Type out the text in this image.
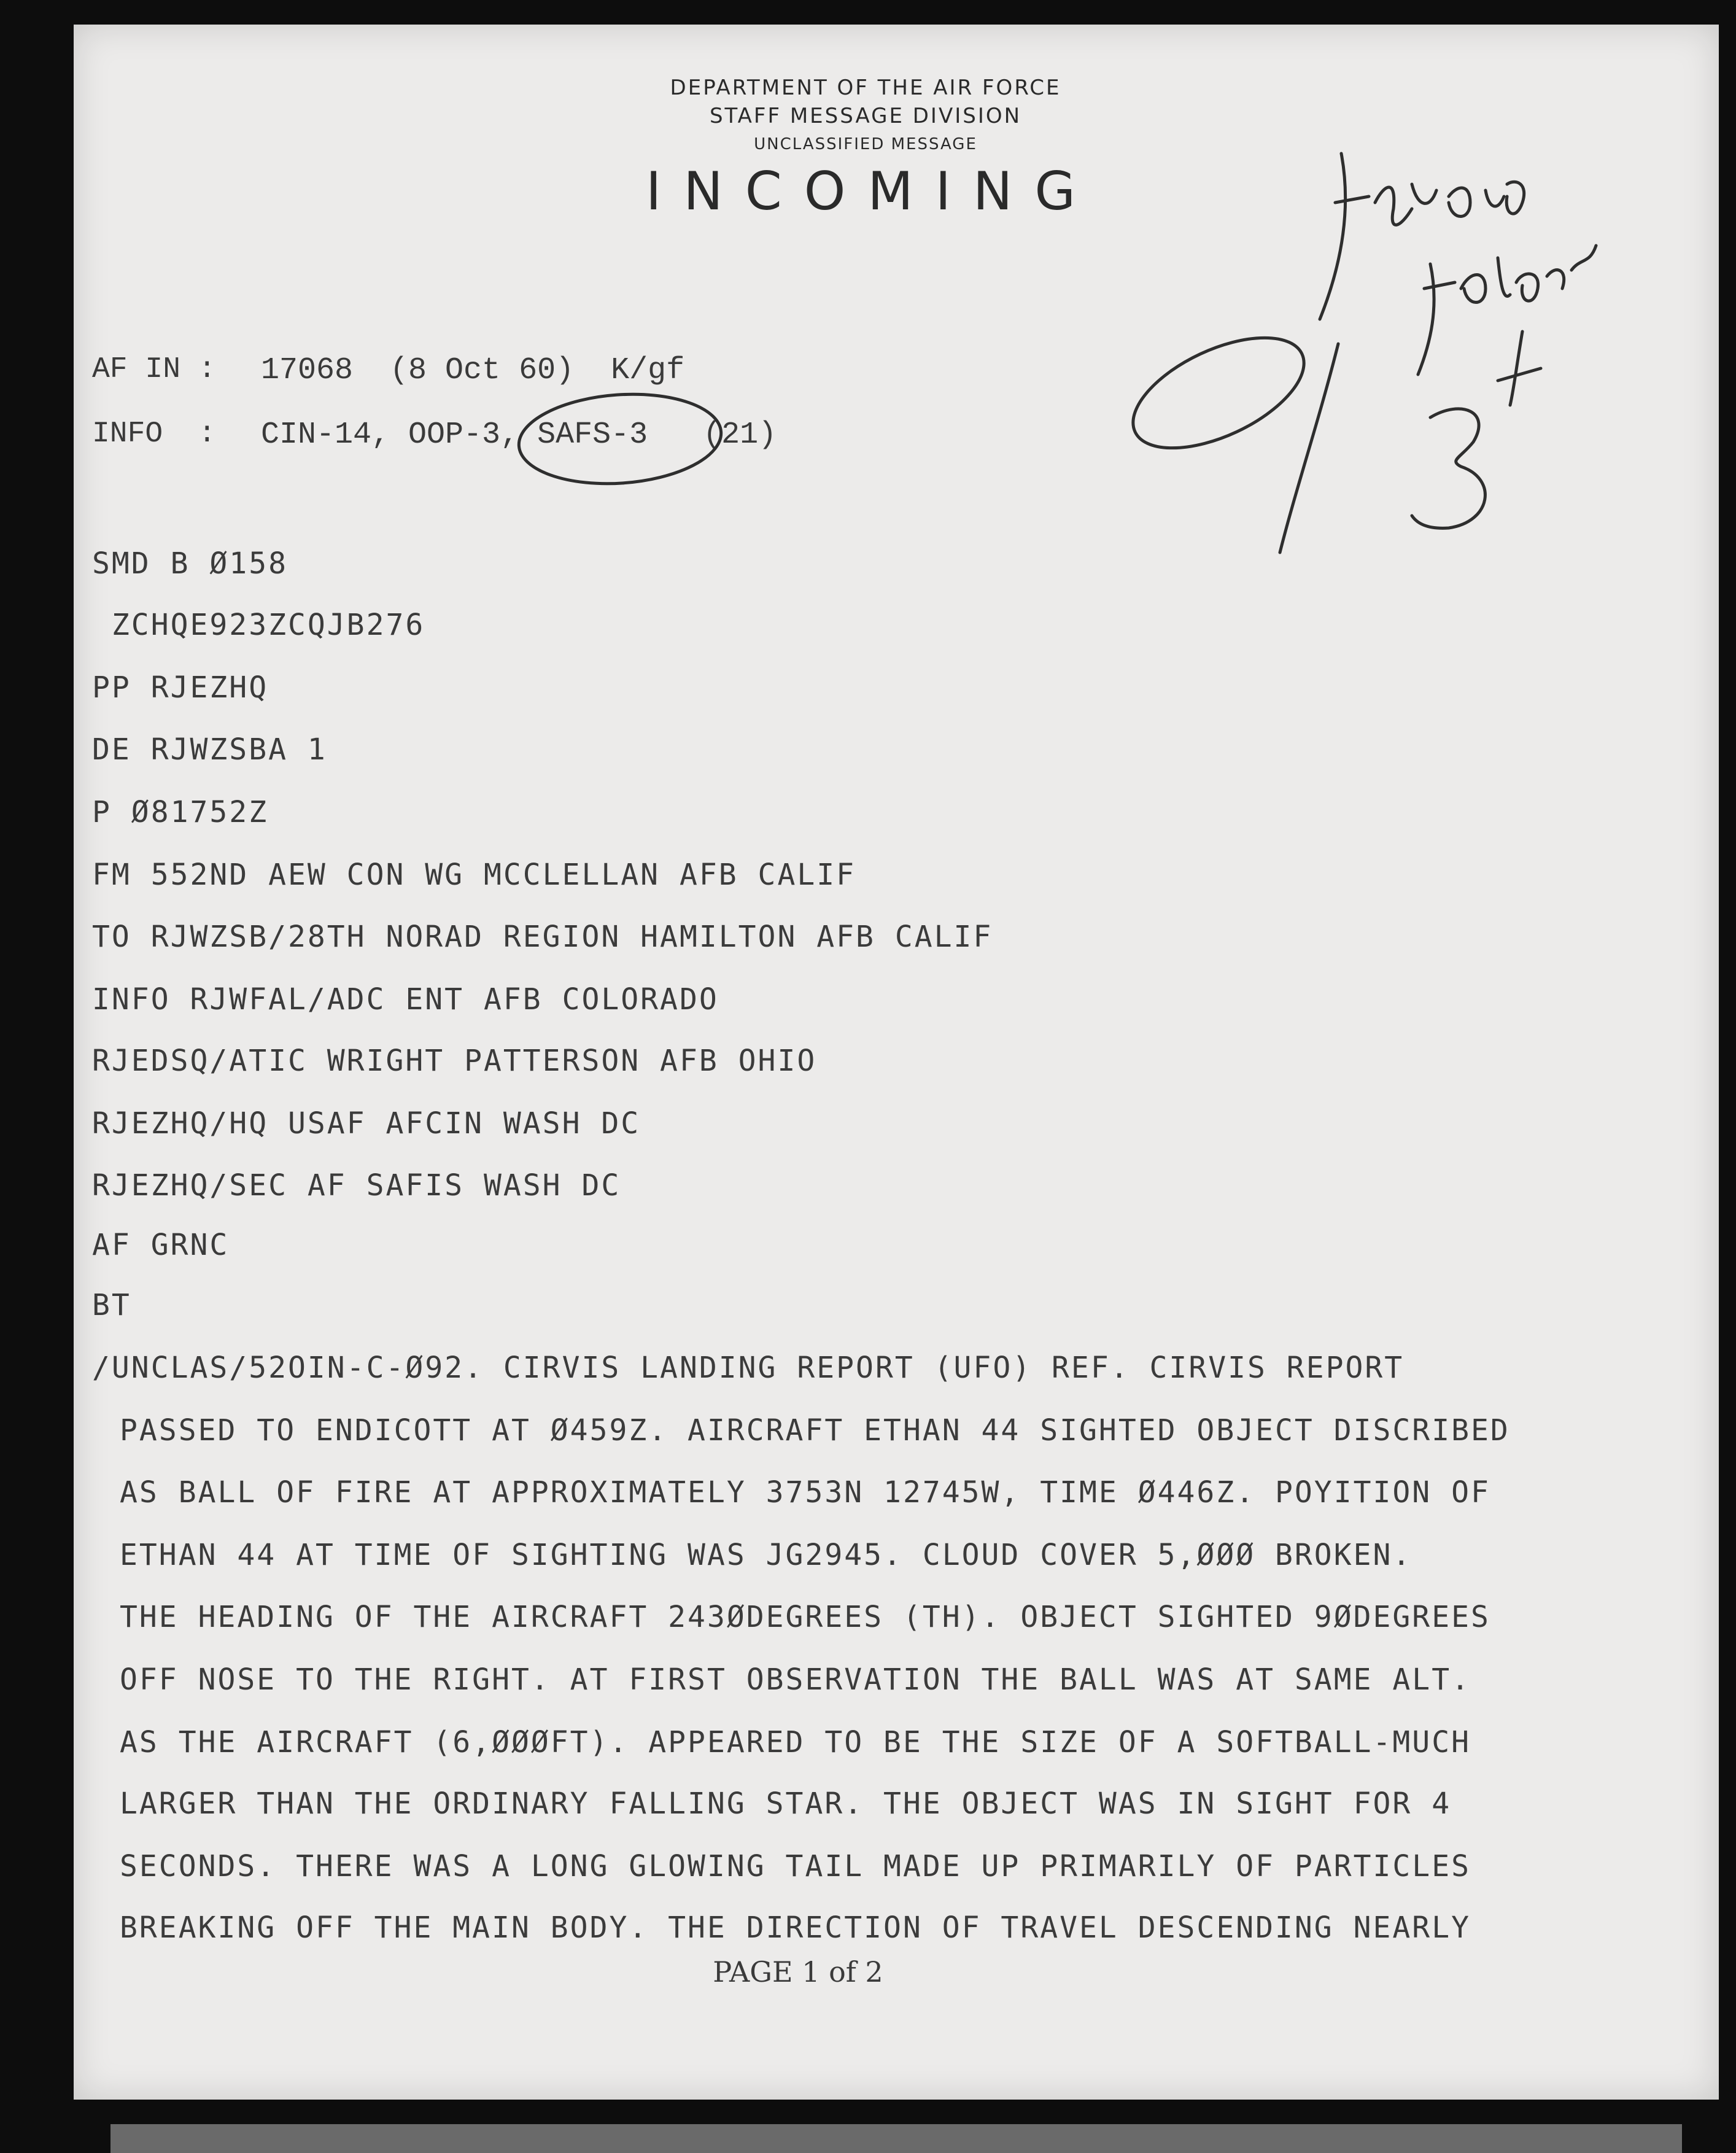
DEPARTMENT OF THE AIR FORCE
STAFF MESSAGE DIVISION
UNCLASSIFIED MESSAGE
INCOMING
AF IN : 17068  (8 Oct 60)  K/gf
INFO  : CIN-14, OOP-3, SAFS-3   (21)
SMD B Ø158
ZCHQE923ZCQJB276
PP RJEZHQ
DE RJWZSBA 1
P Ø81752Z
FM 552ND AEW CON WG MCCLELLAN AFB CALIF
TO RJWZSB/28TH NORAD REGION HAMILTON AFB CALIF
INFO RJWFAL/ADC ENT AFB COLORADO
RJEDSQ/ATIC WRIGHT PATTERSON AFB OHIO
RJEZHQ/HQ USAF AFCIN WASH DC
RJEZHQ/SEC AF SAFIS WASH DC
AF GRNC
BT
/UNCLAS/52OIN-C-Ø92. CIRVIS LANDING REPORT (UFO) REF. CIRVIS REPORT
PASSED TO ENDICOTT AT Ø459Z. AIRCRAFT ETHAN 44 SIGHTED OBJECT DISCRIBED
AS BALL OF FIRE AT APPROXIMATELY 3753N 12745W, TIME Ø446Z. POYITION OF
ETHAN 44 AT TIME OF SIGHTING WAS JG2945. CLOUD COVER 5,ØØØ BROKEN.
THE HEADING OF THE AIRCRAFT 243ØDEGREES (TH). OBJECT SIGHTED 9ØDEGREES
OFF NOSE TO THE RIGHT. AT FIRST OBSERVATION THE BALL WAS AT SAME ALT.
AS THE AIRCRAFT (6,ØØØFT). APPEARED TO BE THE SIZE OF A SOFTBALL-MUCH
LARGER THAN THE ORDINARY FALLING STAR. THE OBJECT WAS IN SIGHT FOR 4
SECONDS. THERE WAS A LONG GLOWING TAIL MADE UP PRIMARILY OF PARTICLES
BREAKING OFF THE MAIN BODY. THE DIRECTION OF TRAVEL DESCENDING NEARLY
PAGE 1 of 2
